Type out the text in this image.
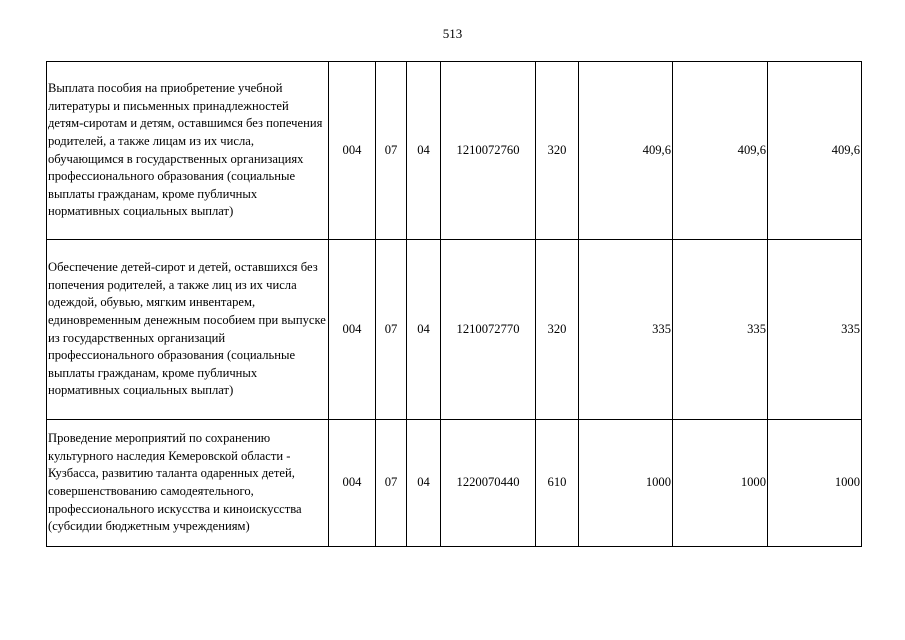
513
Выплата пособия на приобретение учебной литературы и письменных принадлежностей детям-сиротам и детям, оставшимся без попечения родителей, а также лицам из их числа, обучающимся в государственных организациях профессионального образования (социальные выплаты гражданам, кроме публичных нормативных социальных выплат)	004	07	04	1210072760	320	409,6	409,6	409,6
Обеспечение детей-сирот и детей, оставшихся без попечения родителей, а также лиц из их числа одеждой, обувью, мягким инвентарем, единовременным денежным пособием при выпуске из государственных организаций профессионального образования (социальные выплаты гражданам, кроме публичных нормативных социальных выплат)	004	07	04	1210072770	320	335	335	335
Проведение мероприятий по сохранению культурного наследия Кемеровской области - Кузбасса, развитию таланта одаренных детей, совершенствованию самодеятельного, профессионального искусства и киноискусства (субсидии бюджетным учреждениям)	004	07	04	1220070440	610	1000	1000	1000
